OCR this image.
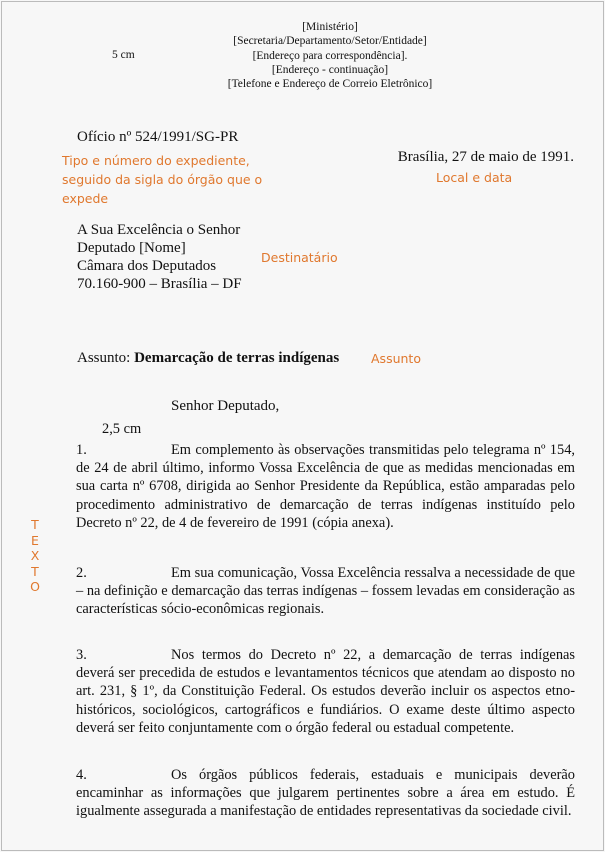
[Ministério]
[Secretaria/Departamento/Setor/Entidade]
[Endereço para correspondência].
[Endereço - continuação]
[Telefone e Endereço de Correio Eletrônico]
5 cm
Ofício nº 524/1991/SG-PR
Tipo e número do expediente, seguido da sigla do órgão que o expede
Brasília, 27 de maio de 1991.
Local e data
A Sua Excelência o Senhor
Deputado [Nome]
Câmara dos Deputados
70.160-900 – Brasília – DF
Destinatário
Assunto: Demarcação de terras indígenas	Assunto
Senhor Deputado,
2,5 cm
T
E
X
T
O
1.	Em complemento às observações transmitidas pelo telegrama nº 154, de 24 de abril último, informo Vossa Excelência de que as medidas mencionadas em sua carta nº 6708, dirigida ao Senhor Presidente da República, estão amparadas pelo procedimento administrativo de demarcação de terras indígenas instituído pelo Decreto nº 22, de 4 de fevereiro de 1991 (cópia anexa).
2.	Em sua comunicação, Vossa Excelência ressalva a necessidade de que – na definição e demarcação das terras indígenas – fossem levadas em consideração as características sócio-econômicas regionais.
3.	Nos termos do Decreto nº 22, a demarcação de terras indígenas deverá ser precedida de estudos e levantamentos técnicos que atendam ao disposto no art. 231, § 1º, da Constituição Federal. Os estudos deverão incluir os aspectos etno-históricos, sociológicos, cartográficos e fundiários. O exame deste último aspecto deverá ser feito conjuntamente com o órgão federal ou estadual competente.
4.	Os órgãos públicos federais, estaduais e municipais deverão encaminhar as informações que julgarem pertinentes sobre a área em estudo. É igualmente assegurada a manifestação de entidades representativas da sociedade civil.
